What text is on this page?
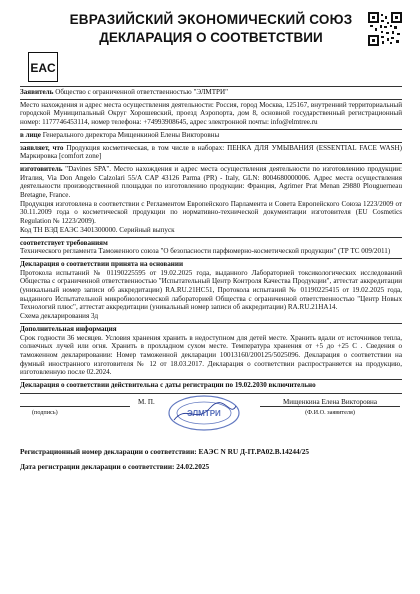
ЕВРАЗИЙСКИЙ ЭКОНОМИЧЕСКИЙ СОЮЗ
ДЕКЛАРАЦИЯ О СООТВЕТСТВИИ
EAC

Заявитель Общество с ограниченной ответственностью "ЭЛМТРИ"

Место нахождения и адрес места осуществления деятельности: Россия, город Москва, 125167, внутренний территориальный городской Муниципальный Округ Хорошевский, проезд Аэропорта, дом 8, основной государственный регистрационный номер: 1177746453114, номер телефона: +74993908645, адрес электронной почты: info@elmtree.ru

в лице Генерального директора Мищенкиной Елены Викторовны

заявляет, что Продукция косметическая, в том числе в наборах: ПЕНКА ДЛЯ УМЫВАНИЯ (ESSENTIAL FACE WASH) Маркировка [comfort zone]

изготовитель "Davines SPA". Место нахождения и адрес места осуществления деятельности по изготовлению продукции: Италия, Via Don Angelo Calzolari 55/A CAP 43126 Parma (PR) - Italy, GLN: 8004680000006. Адрес места осуществления деятельности производственной площадки по изготовлению продукции: Франция, Agrimer Prat Menan 29880 Plouguerneau Bretagne, France.

Продукция изготовлена в соответствии с Регламентом Европейского Парламента и Совета Европейского Союза 1223/2009 от 30.11.2009 года о косметической продукции по нормативно-технической документации изготовителя (EU Cosmetics Regulation № 1223/2009).

Код ТН ВЭД ЕАЭС 3401300000. Серийный выпуск

соответствует требованиям

Технического регламента Таможенного союза "О безопасности парфюмерно-косметической продукции" (ТР ТС 009/2011)

Декларация о соответствии принята на основании

Протокола испытаний № 01190225595 от 19.02.2025 года, выданного Лабораторией токсикологических исследований Общества с ограниченной ответственностью "Испытательный Центр Контроля Качества Продукции", аттестат аккредитации (уникальный номер записи об аккредитации) RA.RU.21НС51, Протокола испытаний № 01190225415 от 19.02.2025 года, выданного Испытательной микробиологической лабораторией Общества с ограниченной ответственностью "Центр Новых Технологий плюс", аттестат аккредитации (уникальный номер записи об аккредитации) RA.RU.21НА14.

Схема декларирования 3д

Дополнительная информация

Срок годности 36 месяцев. Условия хранения хранить в недоступном для детей месте. Хранить вдали от источников тепла, солнечных лучей или огня. Хранить в прохладном сухом месте. Температура хранения от +5 до +25 С . Сведения о таможенном декларировании: Номер таможенной декларации 10013160/200125/5025096. Декларация о соответствии на фумный иностранного изготовителя № 12 от 18.03.2017. Декларация о соответствии распространяется на продукцию, изготовленную после 02.2024.

Декларация о соответствии действительна с даты регистрации по 19.02.2030 включительно

(подпись)
М. П.
ЭЛМТРИ
Мищенкина Елена Викторовна
(Ф.И.О. заявителя)
Регистрационный номер декларации о соответствии: ЕАЭС N RU Д-IT.PA02.B.14244/25
Дата регистрации декларации о соответствии: 24.02.2025
